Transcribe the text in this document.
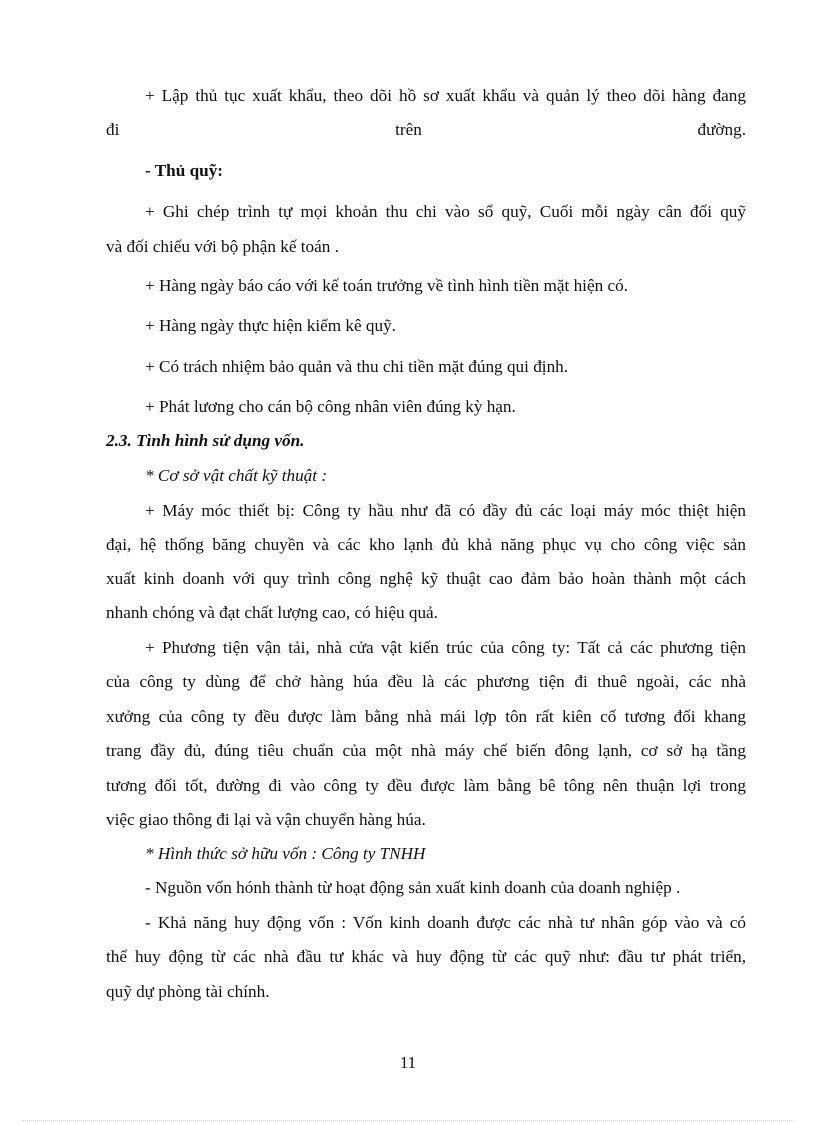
+ Lập thủ tục xuất khẩu, theo dõi hồ sơ xuất khẩu và quản lý theo dõi hàng đang
đi trên đường.
- Thủ quỹ:
+ Ghi chép trình tự mọi khoản thu chi vào sổ quỹ, Cuối mỗi ngày cân đối quỹ
và đối chiếu với bộ phận kế toán .
+ Hàng ngày báo cáo với kế toán trưởng về tình hình tiền mặt hiện có.
+ Hàng ngày thực hiện kiểm kê quỹ.
+ Có trách nhiệm bảo quản và thu chi tiền mặt đúng qui định.
+ Phát lương cho cán bộ công nhân viên đúng kỳ hạn.
2.3. Tình hình sử dụng vốn.
* Cơ sở vật chất kỹ thuật :
+ Máy móc thiết bị: Công ty hầu như đã có đầy đủ các loại máy móc thiệt hiện
đại, hệ thống băng chuyền và các kho lạnh đủ khả năng phục vụ cho công việc sản
xuất kinh doanh với quy trình công nghệ kỹ thuật cao đảm bảo hoàn thành một cách
nhanh chóng và đạt chất lượng cao, có hiệu quả.
+ Phương tiện vận tải, nhà cửa vật kiến trúc của công ty: Tất cả các phương tiện
của công ty dùng để chở hàng húa đều là các phương tiện đi thuê ngoài, các nhà
xưởng của công ty đều được làm bằng nhà mái lợp tôn rất kiên cố tương đối khang
trang đầy đủ, đúng tiêu chuẩn của một nhà máy chế biến đông lạnh, cơ sở hạ tầng
tương đối tốt, đường đi vào công ty đều được làm bằng bê tông nên thuận lợi trong
việc giao thông đi lại và vận chuyển hàng húa.
* Hình thức sở hữu vốn : Công ty TNHH
- Nguồn vốn hónh thành từ hoạt động sản xuất kinh doanh của doanh nghiệp .
- Khả năng huy động vốn : Vốn kinh doanh được các nhà tư nhân góp vào và có
thể huy động từ các nhà đầu tư khác và huy động từ các quỹ như: đầu tư phát triển,
quỹ dự phòng tài chính.
11
